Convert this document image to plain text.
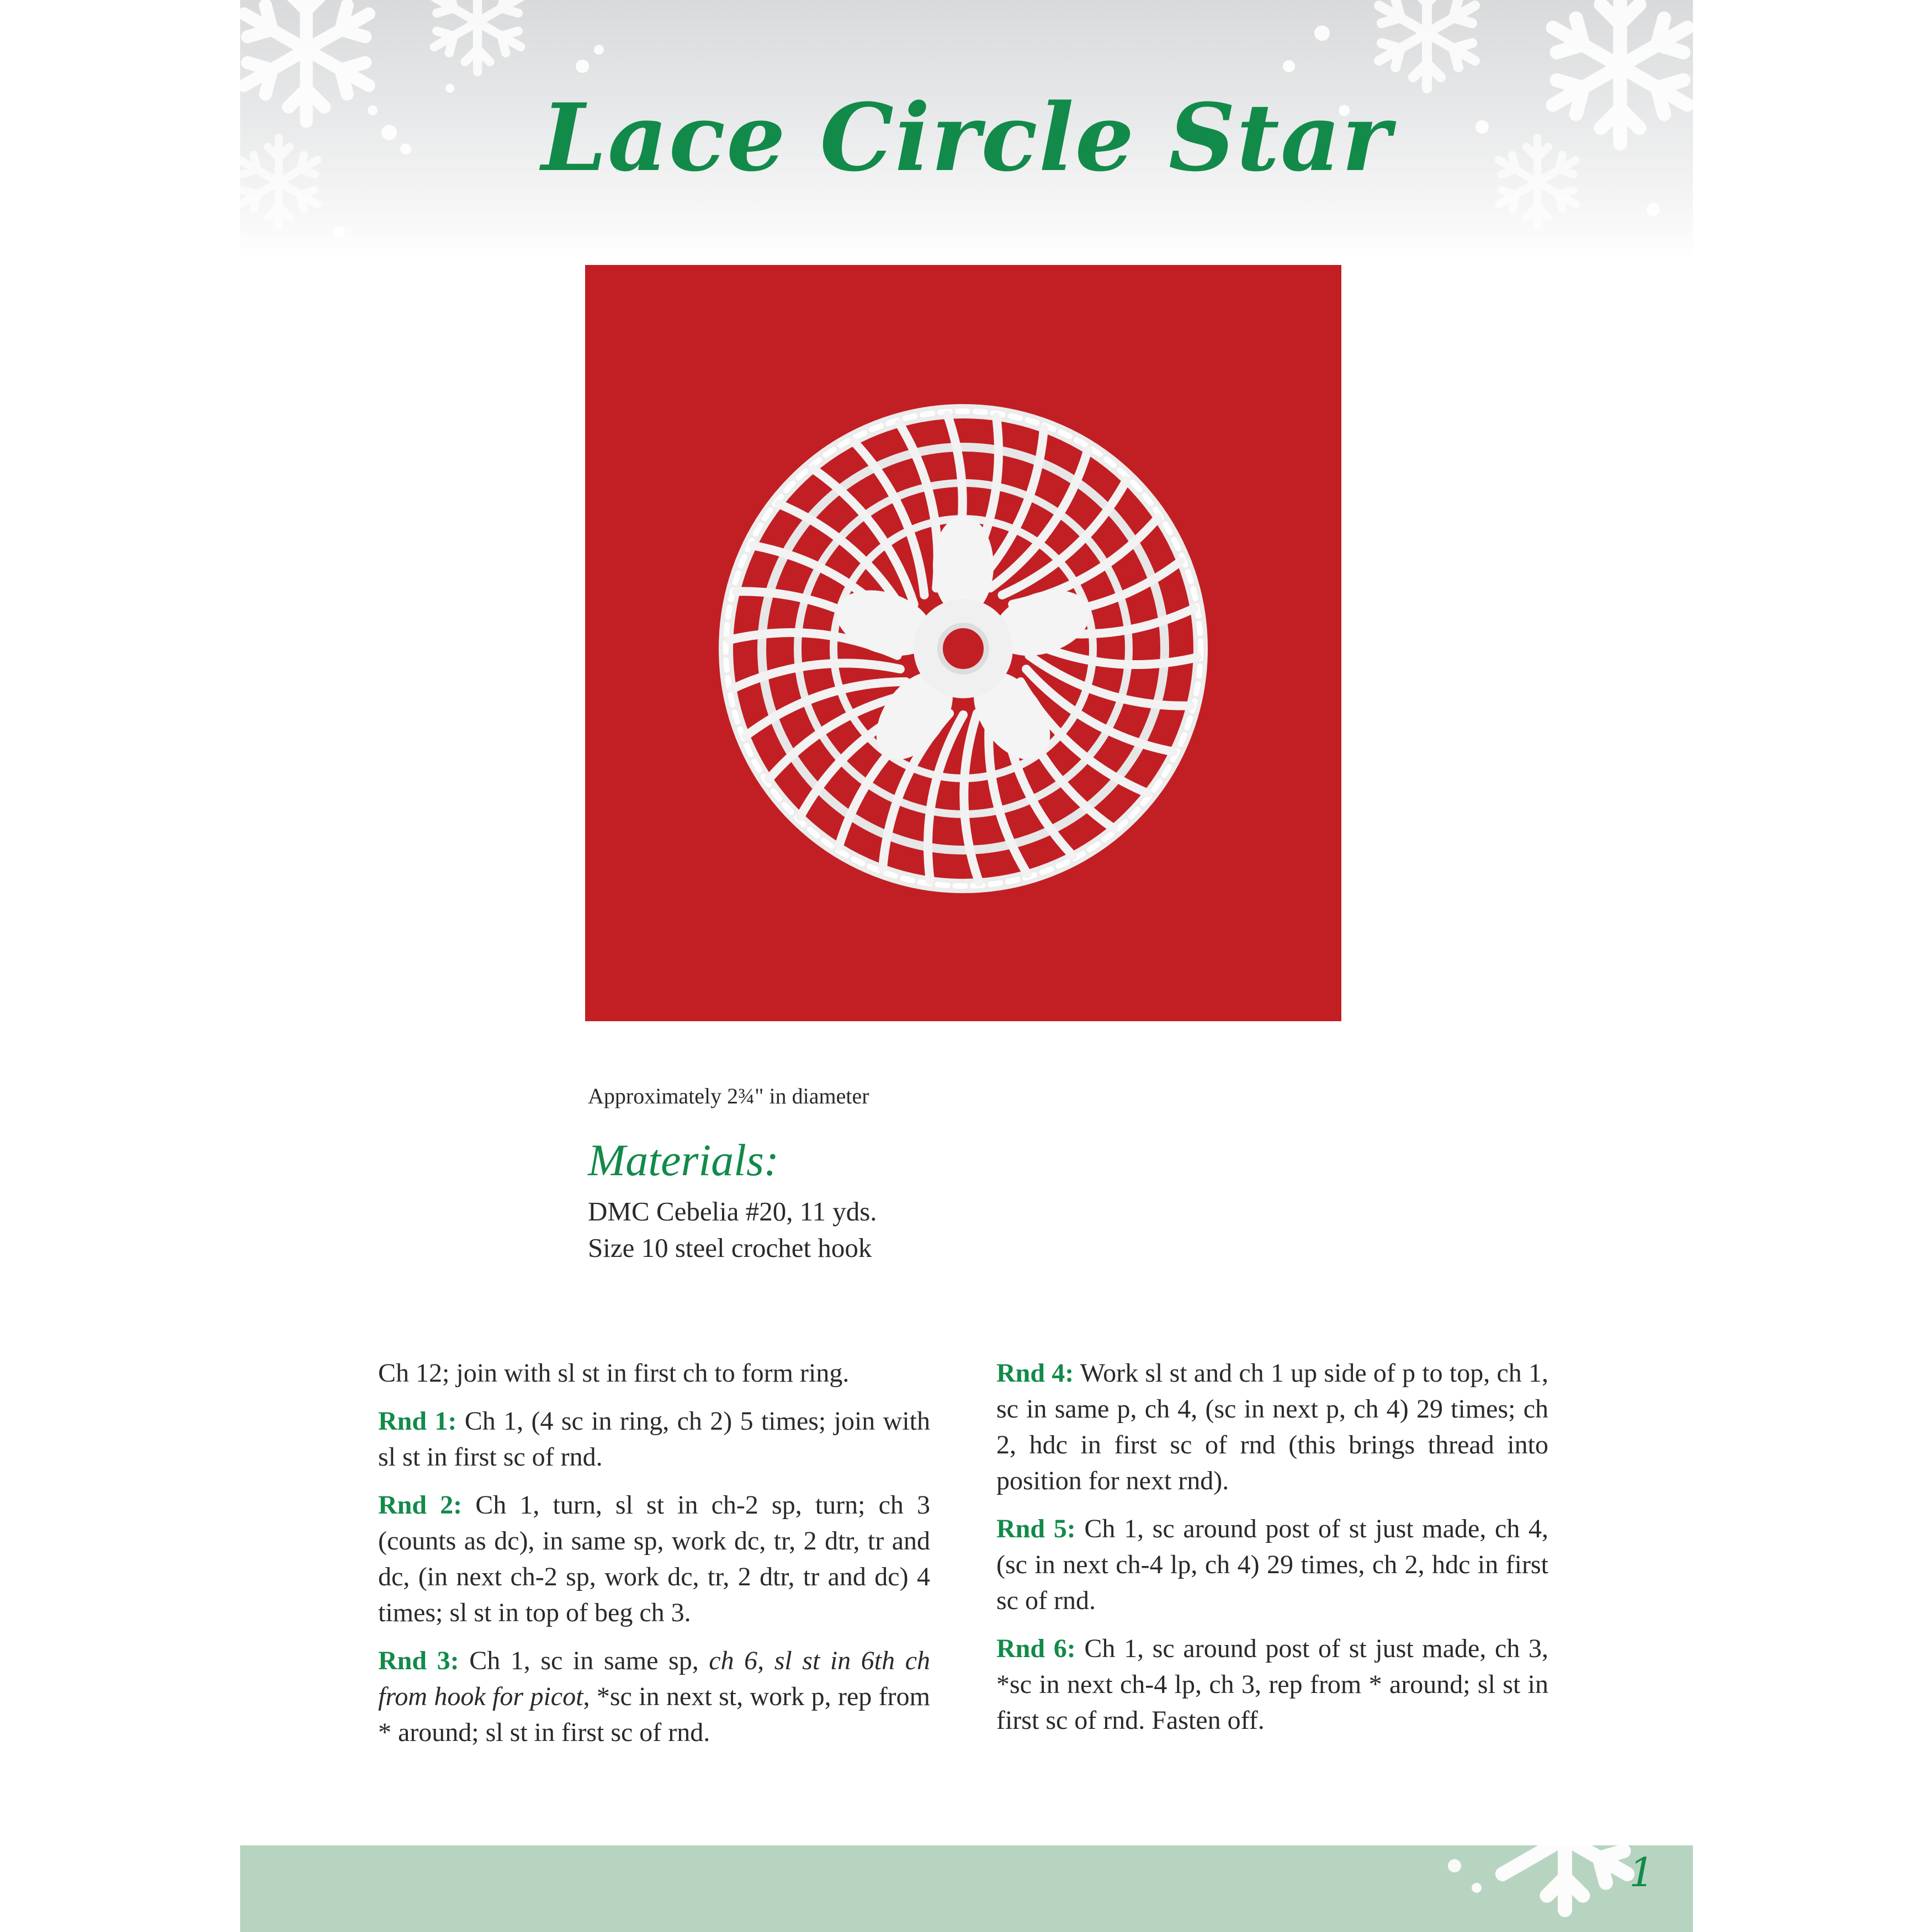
Lace Circle Star
Approximately 2¾" in diameter
Materials:
DMC Cebelia #20, 11 yds.
Size 10 steel crochet hook

Ch 12; join with sl st in first ch to form ring.

Rnd 1: Ch 1, (4 sc in ring, ch 2) 5 times; join with sl st in first sc of rnd.

Rnd 2: Ch 1, turn, sl st in ch-2 sp, turn; ch 3 (counts as dc), in same sp, work dc, tr, 2 dtr, tr and dc, (in next ch-2 sp, work dc, tr, 2 dtr, tr and dc) 4 times; sl st in top of beg ch 3.

Rnd 3: Ch 1, sc in same sp, ch 6, sl st in 6th ch from hook for picot, *sc in next st, work p, rep from * around; sl st in first sc of rnd.

Rnd 4: Work sl st and ch 1 up side of p to top, ch 1, sc in same p, ch 4, (sc in next p, ch 4) 29 times; ch 2, hdc in first sc of rnd (this brings thread into position for next rnd).

Rnd 5: Ch 1, sc around post of st just made, ch 4, (sc in next ch-4 lp, ch 4) 29 times, ch 2, hdc in first sc of rnd.

Rnd 6: Ch 1, sc around post of st just made, ch 3, *sc in next ch-4 lp, ch 3, rep from * around; sl st in first sc of rnd. Fasten off.

1
